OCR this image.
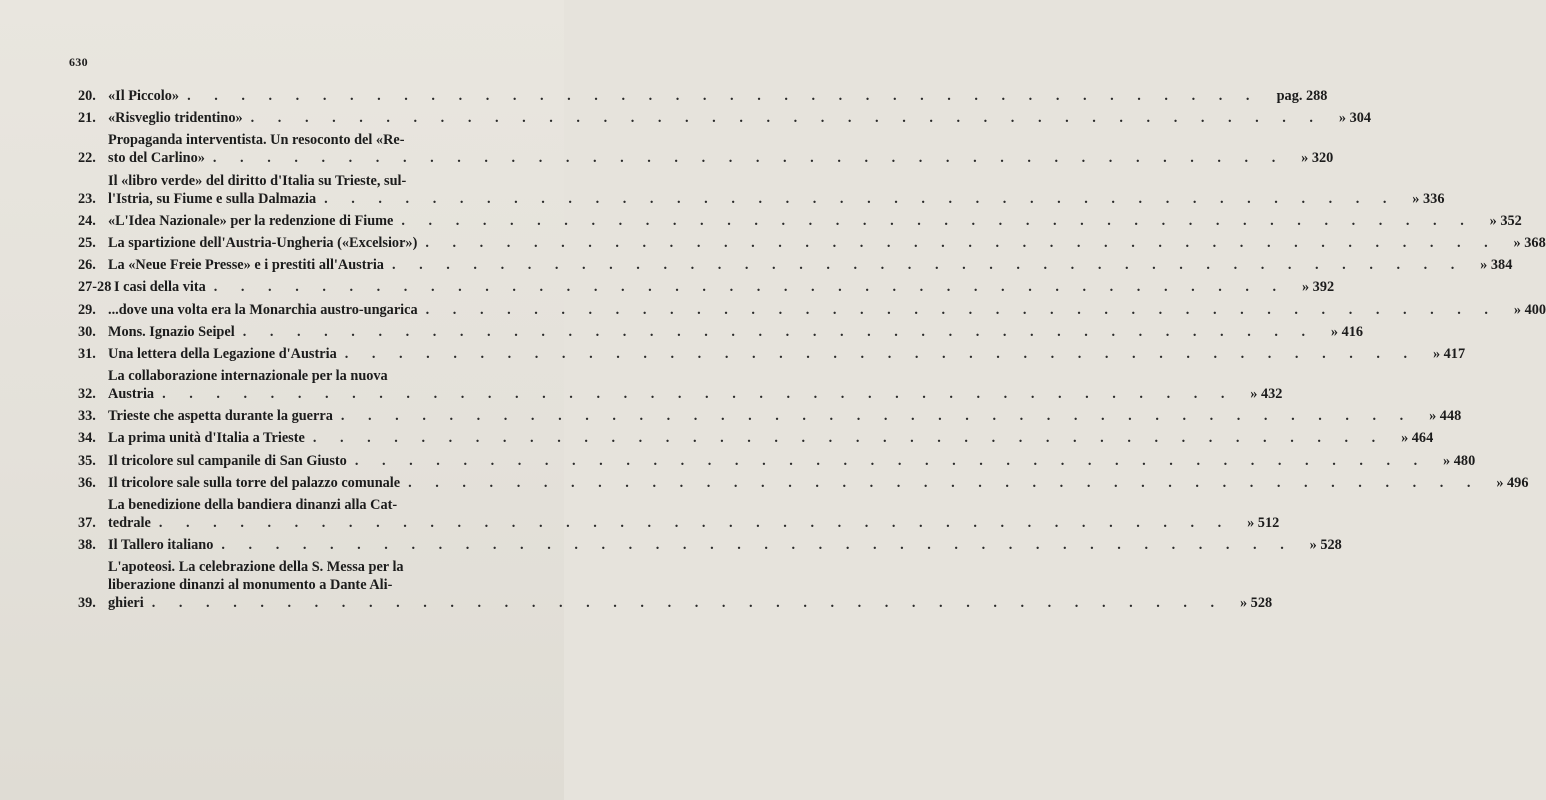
630
20. «Il Piccolo» . . . . . . . . . . . . . . . . . . . . . . . . . . . . . . . . . . . . . . . .	pag. 288
21. «Risveglio tridentino» . . . . . . . . . . . . . . . . . . . . . . . . . . . . . . . . . . . . . . . .	» 304
22.
Propaganda interventista. Un resoconto del «Re-
sto del Carlino» . . . . . . . . . . . . . . . . . . . . . . . . . . . . . . . . . . . . . . . .	» 320
23.
Il «libro verde» del diritto d'Italia su Trieste, sul-
l'Istria, su Fiume e sulla Dalmazia . . . . . . . . . . . . . . . . . . . . . . . . . . . . . . . . . . . . . . . .	» 336
24. «L'Idea Nazionale» per la redenzione di Fiume . . . . . . . . . . . . . . . . . . . . . . . . . . . . . . . . . . . . . . . .	» 352
25. La spartizione dell'Austria-Ungheria («Excelsior») . . . . . . . . . . . . . . . . . . . . . . . . . . . . . . . . . . . . . . . .	» 368
26. La «Neue Freie Presse» e i prestiti all'Austria . . . . . . . . . . . . . . . . . . . . . . . . . . . . . . . . . . . . . . . .	» 384
27-28 I casi della vita . . . . . . . . . . . . . . . . . . . . . . . . . . . . . . . . . . . . . . . .	» 392
29. ...dove una volta era la Monarchia austro-ungarica . . . . . . . . . . . . . . . . . . . . . . . . . . . . . . . . . . . . . . . .	» 400
30. Mons. Ignazio Seipel . . . . . . . . . . . . . . . . . . . . . . . . . . . . . . . . . . . . . . . .	» 416
31. Una lettera della Legazione d'Austria . . . . . . . . . . . . . . . . . . . . . . . . . . . . . . . . . . . . . . . .	» 417
32.
La collaborazione internazionale per la nuova
Austria . . . . . . . . . . . . . . . . . . . . . . . . . . . . . . . . . . . . . . . .	» 432
33. Trieste che aspetta durante la guerra . . . . . . . . . . . . . . . . . . . . . . . . . . . . . . . . . . . . . . . .	» 448
34. La prima unità d'Italia a Trieste . . . . . . . . . . . . . . . . . . . . . . . . . . . . . . . . . . . . . . . .	» 464
35. Il tricolore sul campanile di San Giusto . . . . . . . . . . . . . . . . . . . . . . . . . . . . . . . . . . . . . . . .	» 480
36. Il tricolore sale sulla torre del palazzo comunale . . . . . . . . . . . . . . . . . . . . . . . . . . . . . . . . . . . . . . . .	» 496
37.
La benedizione della bandiera dinanzi alla Cat-
tedrale . . . . . . . . . . . . . . . . . . . . . . . . . . . . . . . . . . . . . . . .	» 512
38. Il Tallero italiano . . . . . . . . . . . . . . . . . . . . . . . . . . . . . . . . . . . . . . . .	» 528
39.
L'apoteosi. La celebrazione della S. Messa per la
liberazione dinanzi al monumento a Dante Ali-
ghieri . . . . . . . . . . . . . . . . . . . . . . . . . . . . . . . . . . . . . . . .	» 528
